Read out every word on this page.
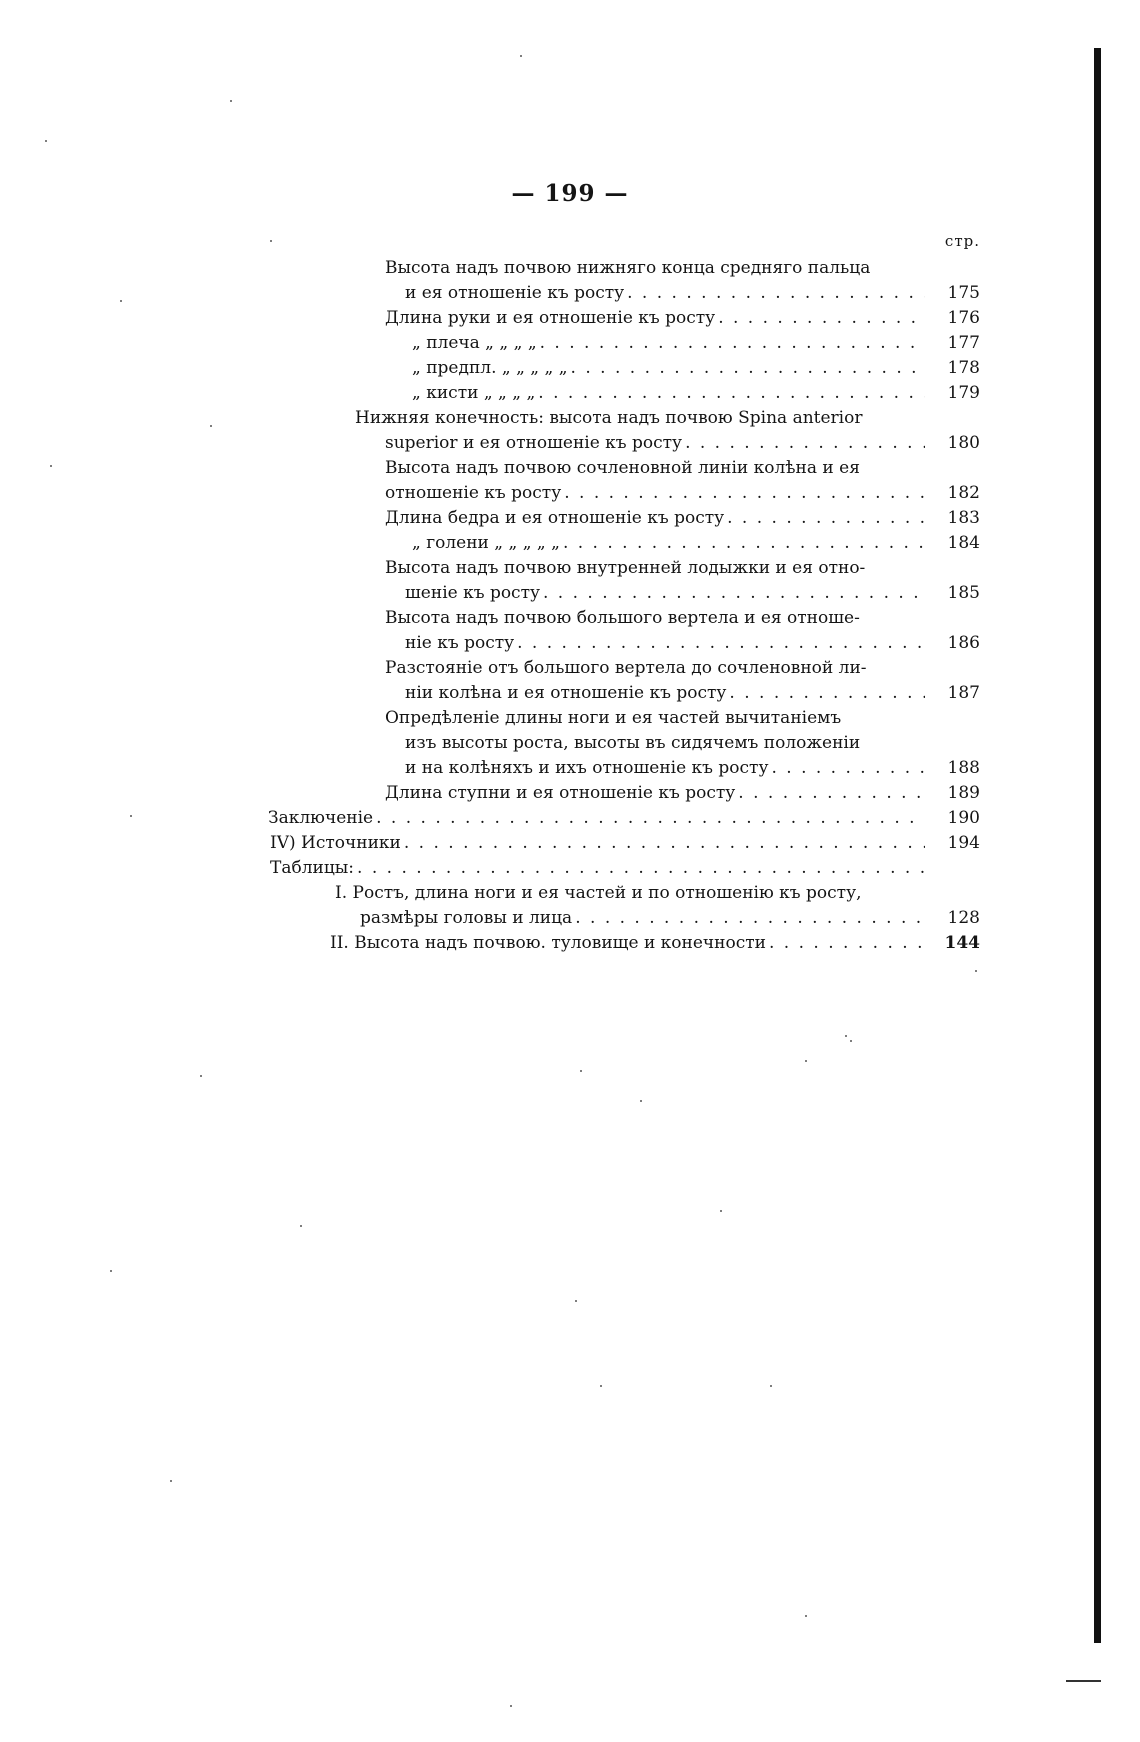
— 199 —
стр.
Высота надъ почвою нижняго конца средняго пальца
и ея отношенiе къ росту . . .	175
Длина руки и ея отношенiе къ росту . . .	176
„ плеча „ „ „ „ . . .	177
„ предпл. „ „ „ „ „ . . .	178
„ кисти „ „ „ „ . . .	179
Нижняя конечность: высота надъ почвою Spina anterior
superior и ея отношенiе къ росту . . .	180
Высота надъ почвою сочленовной линiи колѣна и ея
отношенiе къ росту . . .	182
Длина бедра и ея отношенiе къ росту . . .	183
„ голени „ „ „ „ „ . . .	184
Высота надъ почвою внутренней лодыжки и ея отно-
шенiе къ росту . . .	185
Высота надъ почвою большого вертела и ея отноше-
нiе къ росту . . .	186
Разстоянiе отъ большого вертела до сочленовной ли-
нiи колѣна и ея отношенiе къ росту . . .	187
Опредѣленiе длины ноги и ея частей вычитанiемъ
изъ высоты роста, высоты въ сидячемъ положенiи
и на колѣняхъ и ихъ отношенiе къ росту . . .	188
Длина ступни и ея отношенiе къ росту . . .	189
Заключенiе . . .	190
IV) Источники . . .	194
Таблицы: . . .
I. Ростъ, длина ноги и ея частей и по отношенiю къ росту,
размѣры головы и лица . . .	128
II. Высота надъ почвою. туловище и конечности . . .	144
